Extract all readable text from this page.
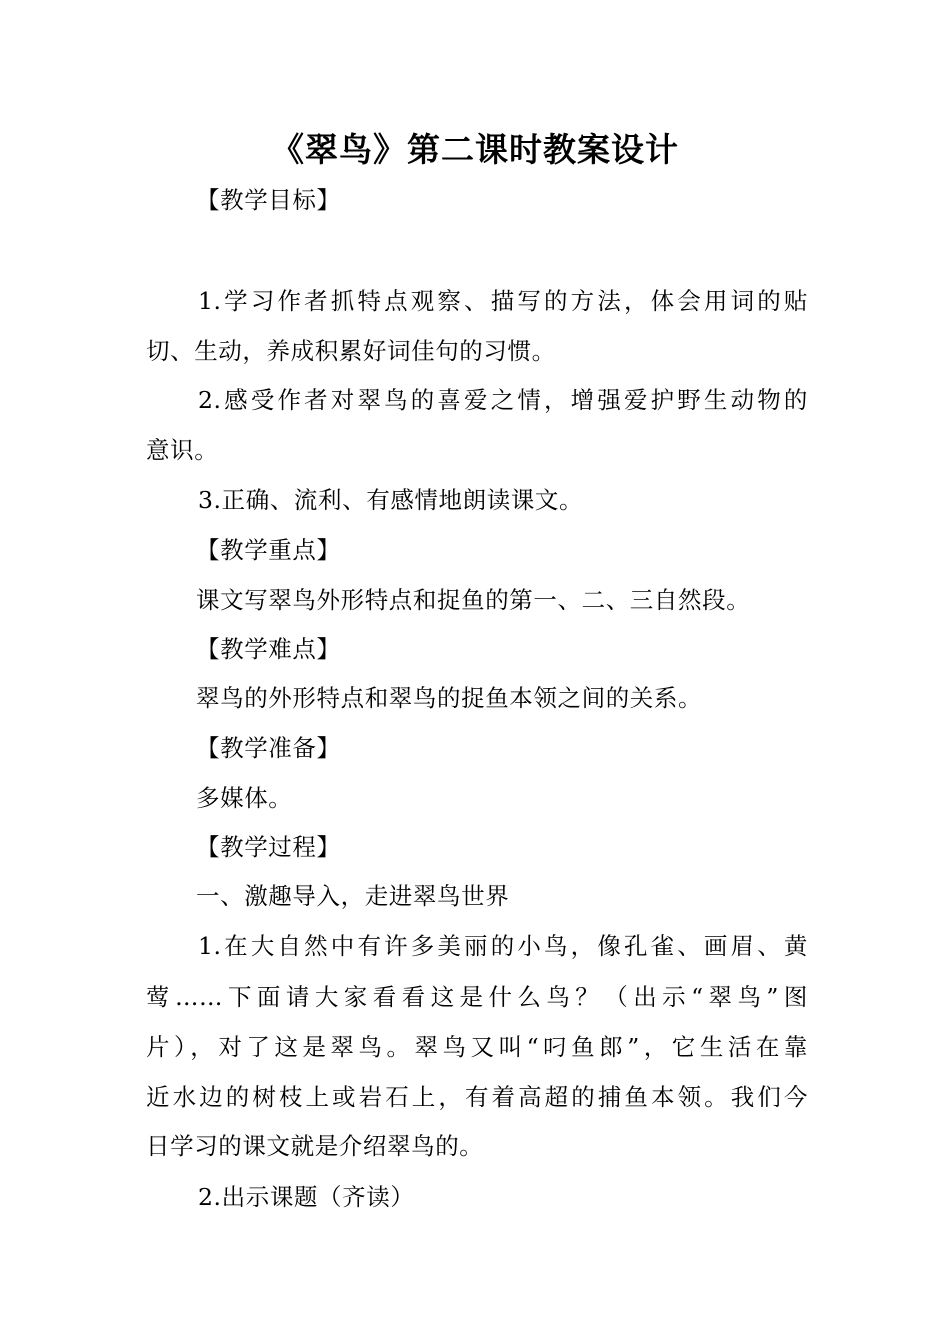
《翠鸟》第二课时教案设计
【教学目标】
1.学习作者抓特点观察、描写的方法，体会用词的贴
切、生动，养成积累好词佳句的习惯。
2.感受作者对翠鸟的喜爱之情，增强爱护野生动物的
意识。
3.正确、流利、有感情地朗读课文。
【教学重点】
课文写翠鸟外形特点和捉鱼的第一、二、三自然段。
【教学难点】
翠鸟的外形特点和翠鸟的捉鱼本领之间的关系。
【教学准备】
多媒体。
【教学过程】
一、激趣导入，走进翠鸟世界
1.在大自然中有许多美丽的小鸟，像孔雀、画眉、黄
莺……下面请大家看看这是什么鸟？（出示“翠鸟”图
片），对了这是翠鸟。翠鸟又叫“叼鱼郎”，它生活在靠
近水边的树枝上或岩石上，有着高超的捕鱼本领。我们今
日学习的课文就是介绍翠鸟的。
2.出示课题（齐读）
